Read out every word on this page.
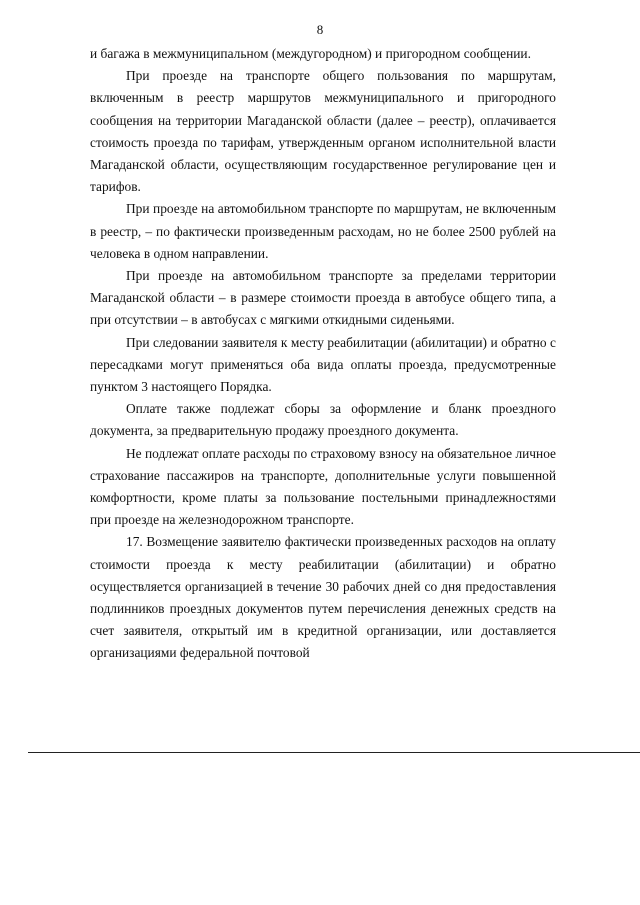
8

и багажа в межмуниципальном (междугородном) и пригородном сообщении.

При проезде на транспорте общего пользования по маршрутам, включенным в реестр маршрутов межмуниципального и пригородного сообщения на территории Магаданской области (далее – реестр), оплачивается стоимость проезда по тарифам, утвержденным органом исполнительной власти Магаданской области, осуществляющим государственное регулирование цен и тарифов.

При проезде на автомобильном транспорте по маршрутам, не включенным в реестр, – по фактически произведенным расходам, но не более 2500 рублей на человека в одном направлении.

При проезде на автомобильном транспорте за пределами территории Магаданской области – в размере стоимости проезда в автобусе общего типа, а при отсутствии – в автобусах с мягкими откидными сиденьями.

При следовании заявителя к месту реабилитации (абилитации) и обратно с пересадками могут применяться оба вида оплаты проезда, предусмотренные пунктом 3 настоящего Порядка.

Оплате также подлежат сборы за оформление и бланк проездного документа, за предварительную продажу проездного документа.

Не подлежат оплате расходы по страховому взносу на обязательное личное страхование пассажиров на транспорте, дополнительные услуги повышенной комфортности, кроме платы за пользование постельными принадлежностями при проезде на железнодорожном транспорте.

17. Возмещение заявителю фактически произведенных расходов на оплату стоимости проезда к месту реабилитации (абилитации) и обратно осуществляется организацией в течение 30 рабочих дней со дня предоставления подлинников проездных документов путем перечисления денежных средств на счет заявителя, открытый им в кредитной организации, или доставляется организациями федеральной почтовой
